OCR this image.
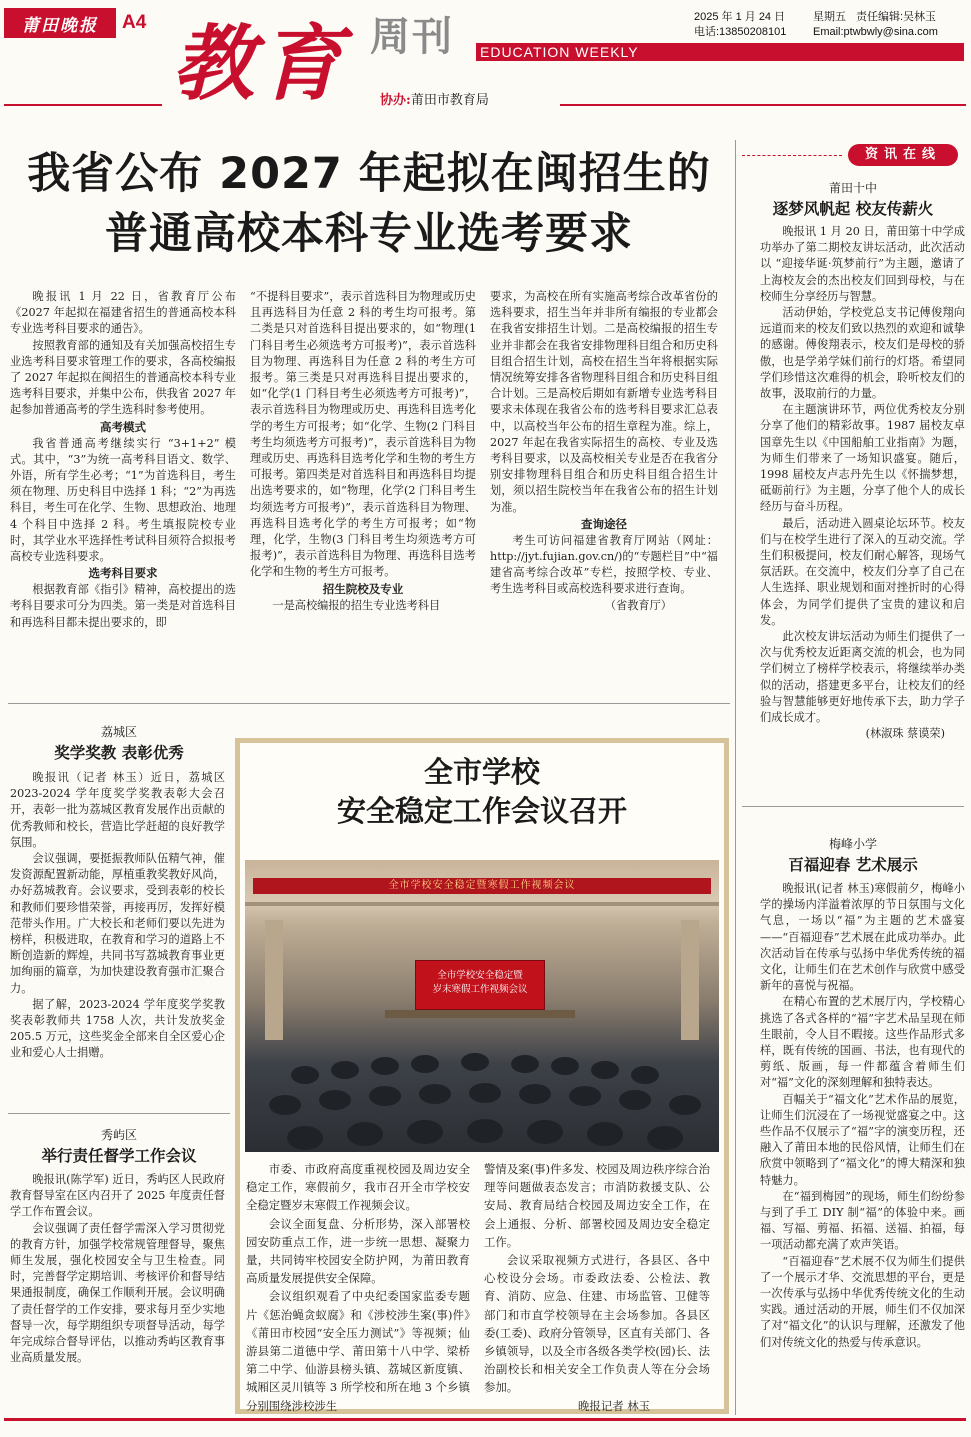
莆田晚报	A4 教育 周刊 EDUCATION WEEKLY
协办:莆田市教育局
2025 年 1 月 24 日	星期五 责任编辑:吴林玉
电话:13850208101 Email:ptwbwly@sina.com
我省公布 2027 年起拟在闽招生的普通高校本科专业选考要求

晚报讯 1 月 22 日，省教育厅公布《2027 年起拟在福建省招生的普通高校本科专业选考科目要求的通告》。

按照教育部的通知及有关加强高校招生专业选考科目要求管理工作的要求，各高校编报了 2027 年起拟在闽招生的普通高校本科专业选考科目要求，并集中公布，供我省 2027 年起参加普通高考的学生选科时参考使用。

高考模式

我省普通高考继续实行 “3+1+2” 模式。其中，“3”为统一高考科目语文、数学、外语，所有学生必考；“1”为首选科目，考生须在物理、历史科目中选择 1 科；“2”为再选科目，考生可在化学、生物、思想政治、地理 4 个科目中选择 2 科。考生填报院校专业时，其学业水平选择性考试科目须符合拟报考高校专业选科要求。

选考科目要求

根据教育部《指引》精神，高校提出的选考科目要求可分为四类。第一类是对首选科目和再选科目都未提出要求的，即

“不提科目要求”，表示首选科目为物理或历史且再选科目为任意 2 科的考生均可报考。第二类是只对首选科目提出要求的，如“物理(1 门科目考生必须选考方可报考)”，表示首选科目为物理、再选科目为任意 2 科的考生方可报考。第三类是只对再选科目提出要求的，如“化学(1 门科目考生必须选考方可报考)”，表示首选科目为物理或历史、再选科目选考化学的考生方可报考；如“化学、生物(2 门科目考生均须选考方可报考)”，表示首选科目为物理或历史、再选科目选考化学和生物的考生方可报考。第四类是对首选科目和再选科目均提出选考要求的，如“物理，化学(2 门科目考生均须选考方可报考)”，表示首选科目为物理、再选科目选考化学的考生方可报考；如“物理，化学，生物(3 门科目考生均须选考方可报考)”，表示首选科目为物理、再选科目选考化学和生物的考生方可报考。

招生院校及专业

一是高校编报的招生专业选考科目

要求，为高校在所有实施高考综合改革省份的选科要求，招生当年并非所有编报的专业都会在我省安排招生计划。二是高校编报的招生专业并非都会在我省安排物理科目组合和历史科目组合招生计划，高校在招生当年将根据实际情况统筹安排各省物理科目组合和历史科目组合计划。三是高校后期如有新增专业选考科目要求未体现在我省公布的选考科目要求汇总表中，以高校当年公布的招生章程为准。综上，2027 年起在我省实际招生的高校、专业及选考科目要求，以及高校相关专业是否在我省分别安排物理科目组合和历史科目组合招生计划，须以招生院校当年在我省公布的招生计划为准。

查询途径

考生可访问福建省教育厅网站（网址：http://jyt.fujian.gov.cn/)的“专题栏目”中“福建省高考综合改革”专栏，按照学校、专业、考生选考科目或高校选科要求进行查询。

（省教育厅）
资讯在线
莆田十中
逐梦风帆起 校友传薪火

晚报讯 1 月 20 日，莆田第十中学成功举办了第二期校友讲坛活动，此次活动以 “迎接华诞·筑梦前行”为主题，邀请了上海校友会的杰出校友们回到母校，与在校师生分享经历与智慧。

活动伊始，学校党总支书记傅俊翔向远道而来的校友们致以热烈的欢迎和诚挚的感谢。傅俊翔表示，校友们是母校的骄傲，也是学弟学妹们前行的灯塔。希望同学们珍惜这次难得的机会，聆听校友们的故事，汲取前行的力量。

在主题演讲环节，两位优秀校友分别分享了他们的精彩故事。1987 届校友卓国章先生以《中国船舶工业指南》为题，为师生们带来了一场知识盛宴。随后，1998 届校友卢志丹先生以《怀揣梦想，砥砺前行》为主题，分享了他个人的成长经历与奋斗历程。

最后，活动进入圆桌论坛环节。校友们与在校学生进行了深入的互动交流。学生们积极提问，校友们耐心解答，现场气氛活跃。在交流中，校友们分享了自己在人生选择、职业规划和面对挫折时的心得体会，为同学们提供了宝贵的建议和启发。

此次校友讲坛活动为师生们提供了一次与优秀校友近距离交流的机会，也为同学们树立了榜样学校表示，将继续举办类似的活动，搭建更多平台，让校友们的经验与智慧能够更好地传承下去，助力学子们成长成才。

(林淑珠 蔡谟荣)
梅峰小学
百福迎春 艺术展示

晚报讯(记者 林玉)寒假前夕，梅峰小学的操场内洋溢着浓厚的节日氛围与文化气息，一场以“福”为主题的艺术盛宴——“百福迎春”艺术展在此成功举办。此次活动旨在传承与弘扬中华优秀传统的福文化，让师生们在艺术创作与欣赏中感受新年的喜悦与祝福。

在精心布置的艺术展厅内，学校精心挑选了各式各样的“福”字艺术品呈现在师生眼前，令人目不暇接。这些作品形式多样，既有传统的国画、书法，也有现代的剪纸、版画，每一件都蕴含着师生们对“福”文化的深刻理解和独特表达。

百幅关于“福文化”艺术作品的展览，让师生们沉浸在了一场视觉盛宴之中。这些作品不仅展示了“福”字的演变历程，还融入了莆田本地的民俗风情，让师生们在欣赏中领略到了“福文化”的博大精深和独特魅力。

在“福到梅园”的现场，师生们纷纷参与到了手工 DIY 制“福”的体验中来。画福、写福、剪福、拓福、送福、拍福，每一项活动都充满了欢声笑语。

“百福迎春”艺术展不仅为师生们提供了一个展示才华、交流思想的平台，更是一次传承与弘扬中华优秀传统文化的生动实践。通过活动的开展，师生们不仅加深了对“福文化”的认识与理解，还激发了他们对传统文化的热爱与传承意识。

荔城区
奖学奖教 表彰优秀

晚报讯（记者 林玉）近日，荔城区 2023-2024 学年度奖学奖教表彰大会召开，表彰一批为荔城区教育发展作出贡献的优秀教师和校长，营造比学赶超的良好教学氛围。

会议强调，要挺振教师队伍精气神，催发资源配置新动能，厚植重教奖教好风尚，办好荔城教育。会议要求，受到表彰的校长和教师们要珍惜荣誉，再接再厉，发挥好模范带头作用。广大校长和老师们要以先进为榜样，积极进取，在教育和学习的道路上不断创造新的辉煌，共同书写荔城教育事业更加绚丽的篇章，为加快建设教育强市汇聚合力。

据了解，2023-2024 学年度奖学奖教奖表彰教师共 1758 人次，共计发放奖金 205.5 万元，这些奖金全部来自全区爱心企业和爱心人士捐赠。

秀屿区
举行责任督学工作会议

晚报讯(陈学军) 近日，秀屿区人民政府教育督导室在区内召开了 2025 年度责任督学工作布置会议。

会议强调了责任督学需深入学习贯彻党的教育方针，加强学校常规管理督导，聚焦师生发展，强化校园安全与卫生检查。同时，完善督学定期培训、考核评价和督导结果通报制度，确保工作顺利开展。会议明确了责任督学的工作安排，要求每月至少实地督导一次，每学期组织专项督导活动，每学年完成综合督导评估，以推动秀屿区教育事业高质量发展。

全市学校
安全稳定工作会议召开
全市学校安全稳定暨寒假工作视频会议
全市学校安全稳定暨
岁末寒假工作视频会议

市委、市政府高度重视校园及周边安全稳定工作，寒假前夕，我市召开全市学校安全稳定暨岁末寒假工作视频会议。

会议全面复盘、分析形势，深入部署校园安防重点工作，进一步统一思想、凝聚力量，共同铸牢校园安全防护网，为莆田教育高质量发展提供安全保障。

会议组织观看了中央纪委国家监委专题片《惩治蝇贪蚁腐》和《涉校涉生案(事)件》《莆田市校园“安全压力测试”》等视频；仙游县第二道德中学、莆田第十八中学、梁桥第二中学、仙游县榜头镇、荔城区新度镇、城厢区灵川镇等 3 所学校和所在地 3 个乡镇分别围绕涉校涉生

警情及案(事)件多发、校园及周边秩序综合治理等问题做表态发言；市消防救援支队、公安局、教育局结合校园及周边安全工作，在会上通报、分析、部署校园及周边安全稳定工作。

会议采取视频方式进行，各县区、各中心校设分会场。市委政法委、公检法、教育、消防、应急、住建、市场监管、卫健等部门和市直学校领导在主会场参加。各县区委(工委)、政府分管领导，区直有关部门、各乡镇领导，以及全市各级各类学校(园)长、法治副校长和相关安全工作负责人等在分会场参加。

晚报记者 林玉
